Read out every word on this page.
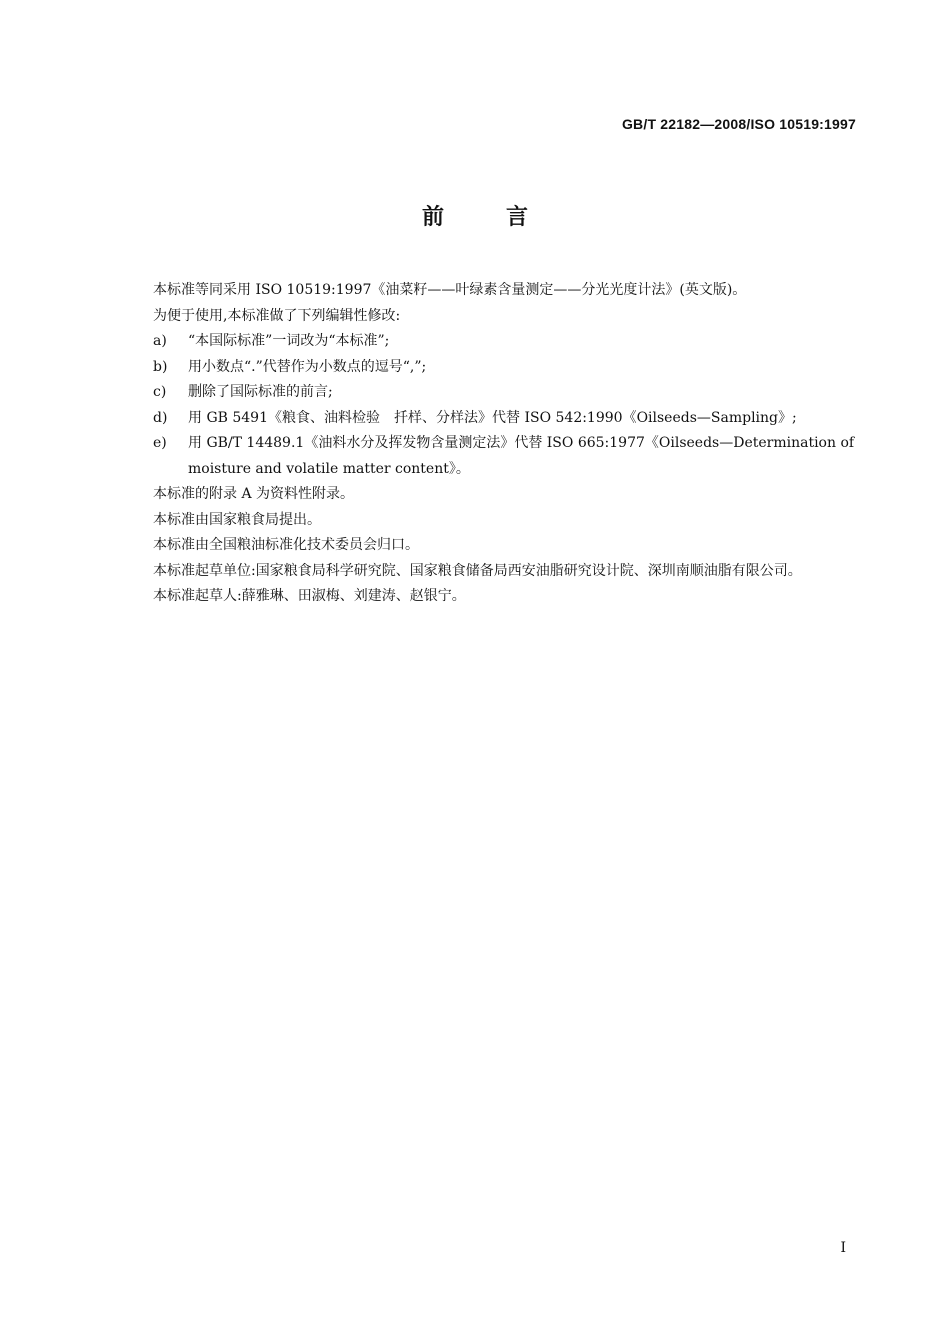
GB/T 22182—2008/ISO 10519:1997
前	言

本标准等同采用 ISO 10519:1997《油菜籽——叶绿素含量测定——分光光度计法》(英文版)。

为便于使用,本标准做了下列编辑性修改:

a) “本国际标准”一词改为“本标准”;

b) 用小数点“.”代替作为小数点的逗号“,”;

c) 删除了国际标准的前言;

d) 用 GB 5491《粮食、油料检验　扦样、分样法》代替 ISO 542:1990《Oilseeds—Sampling》;

e) 用 GB/T 14489.1《油料水分及挥发物含量测定法》代替 ISO 665:1977《Oilseeds—Determination of moisture and volatile matter content》。

本标准的附录 A 为资料性附录。

本标准由国家粮食局提出。

本标准由全国粮油标准化技术委员会归口。

本标准起草单位:国家粮食局科学研究院、国家粮食储备局西安油脂研究设计院、深圳南顺油脂有限公司。

本标准起草人:薛雅琳、田淑梅、刘建涛、赵银宁。

I
